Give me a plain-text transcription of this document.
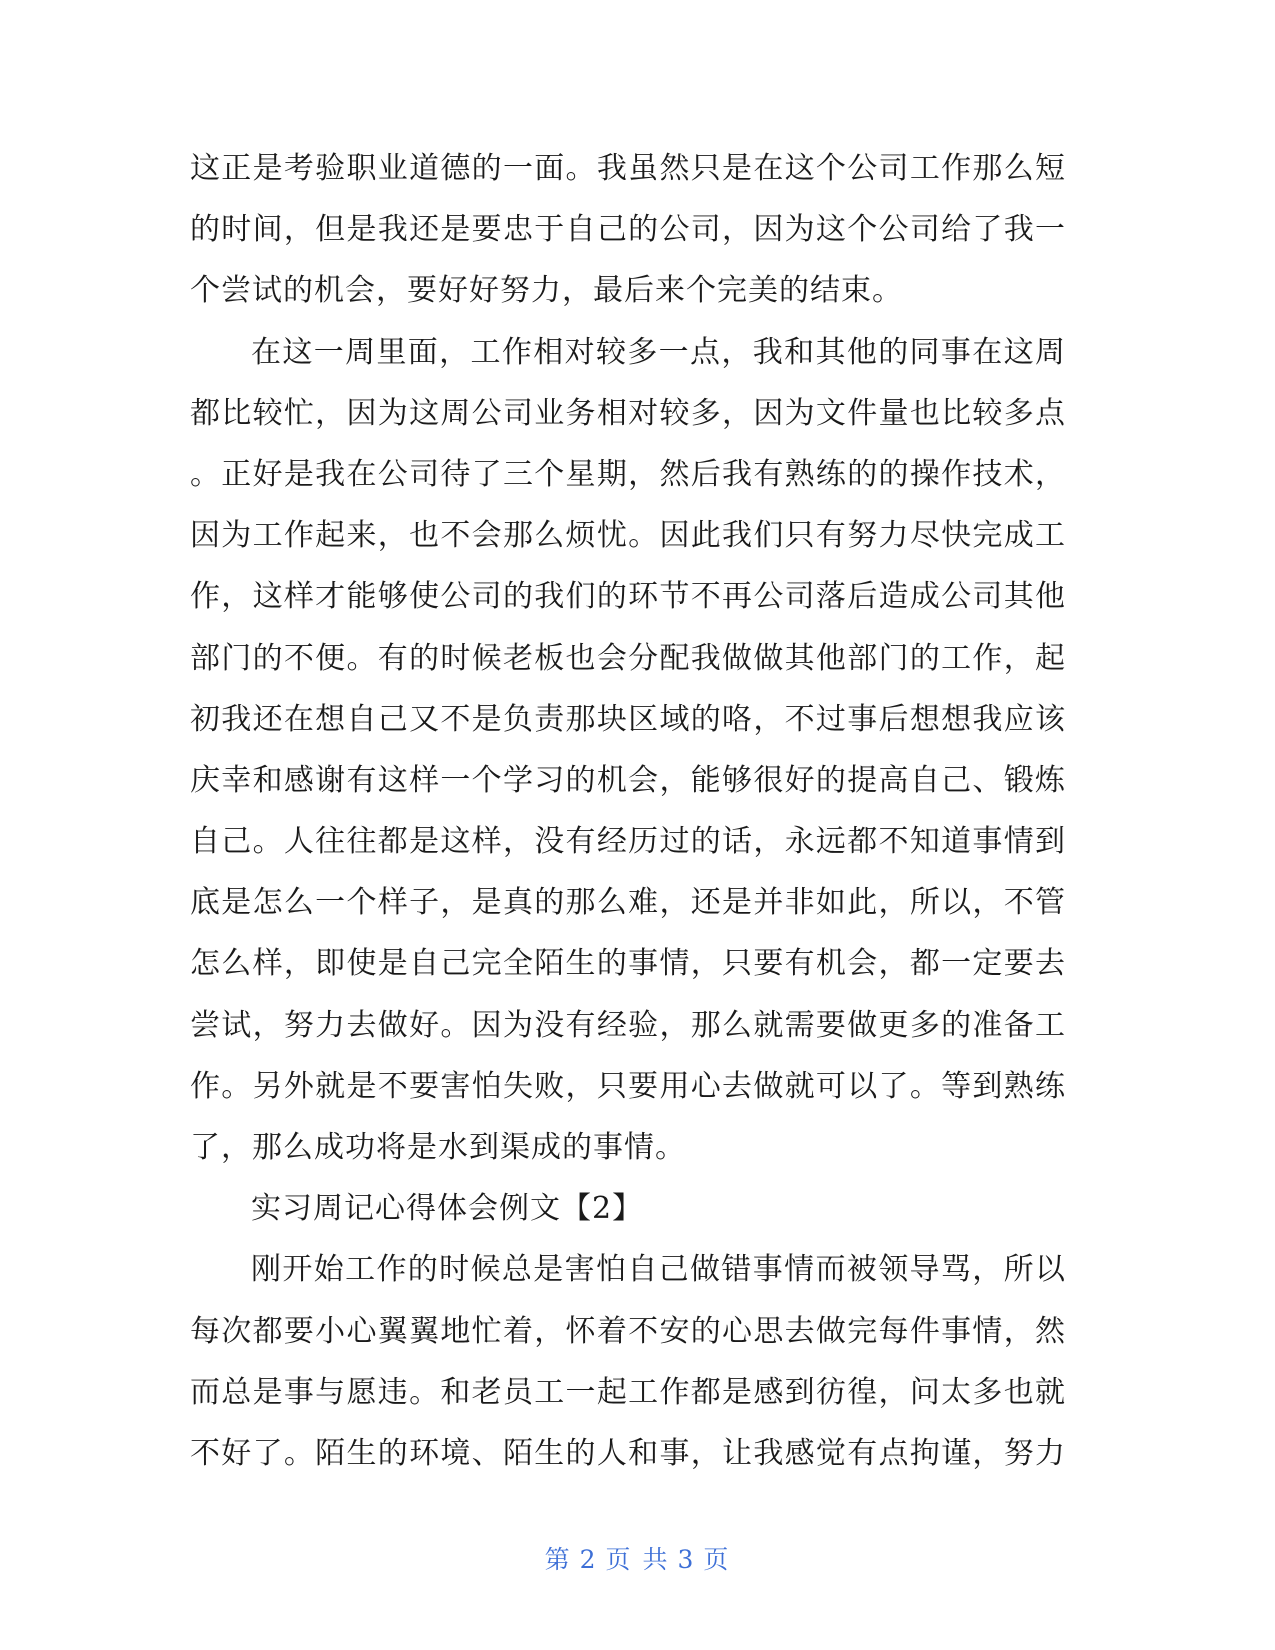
这正是考验职业道德的一面。我虽然只是在这个公司工作那么短
的时间，但是我还是要忠于自己的公司，因为这个公司给了我一
个尝试的机会，要好好努力，最后来个完美的结束。
在这一周里面，工作相对较多一点，我和其他的同事在这周
都比较忙，因为这周公司业务相对较多，因为文件量也比较多点
。正好是我在公司待了三个星期，然后我有熟练的的操作技术，
因为工作起来，也不会那么烦忧。因此我们只有努力尽快完成工
作，这样才能够使公司的我们的环节不再公司落后造成公司其他
部门的不便。有的时候老板也会分配我做做其他部门的工作，起
初我还在想自己又不是负责那块区域的咯，不过事后想想我应该
庆幸和感谢有这样一个学习的机会，能够很好的提高自己、锻炼
自己。人往往都是这样，没有经历过的话，永远都不知道事情到
底是怎么一个样子，是真的那么难，还是并非如此，所以，不管
怎么样，即使是自己完全陌生的事情，只要有机会，都一定要去
尝试，努力去做好。因为没有经验，那么就需要做更多的准备工
作。另外就是不要害怕失败，只要用心去做就可以了。等到熟练
了，那么成功将是水到渠成的事情。
实习周记心得体会例文【2】
刚开始工作的时候总是害怕自己做错事情而被领导骂，所以
每次都要小心翼翼地忙着，怀着不安的心思去做完每件事情，然
而总是事与愿违。和老员工一起工作都是感到彷徨，问太多也就
不好了。陌生的环境、陌生的人和事，让我感觉有点拘谨，努力
第 2 页 共 3 页
